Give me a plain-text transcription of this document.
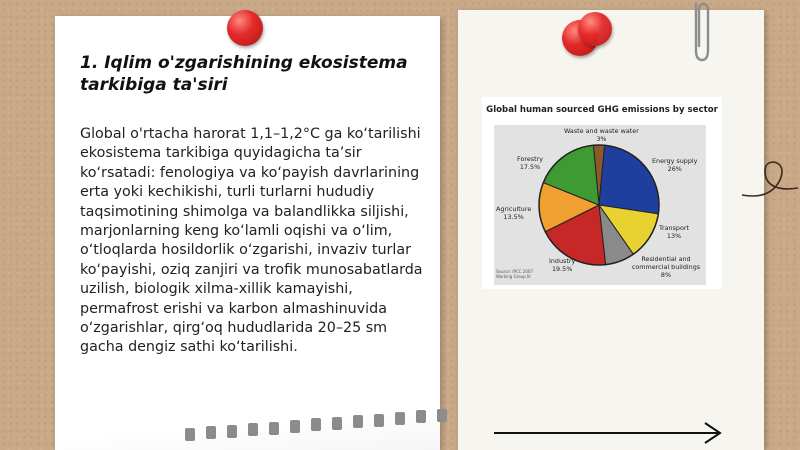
1. Iqlim o'zgarishining ekosistema tarkibiga ta'siri
Global o'rtacha harorat 1,1–1,2°C ga ko‘tarilishi ekosistema tarkibiga quyidagicha ta’sir ko‘rsatadi: fenologiya va ko‘payish davrlarining erta yoki kechikishi, turli turlarni hududiy taqsimotining shimolga va balandlikka siljishi, marjonlarning keng ko‘lamli oqishi va o‘lim, o‘tloqlarda hosildorlik o‘zgarishi, invaziv turlar ko‘payishi, oziq zanjiri va trofik munosabatlarda uzilish, biologik xilma-xillik kamayishi, permafrost erishi va karbon almashinuvida o‘zgarishlar, qirg‘oq hududlarida 20–25 sm gacha dengiz sathi ko‘tarilishi.
Global human sourced GHG emissions by sector
Waste and waste water
3%
Energy supply
26%
Transport
13%
Residential and commercial buildings
8%
Industry
19.5%
Agriculture
13.5%
Forestry
17.5%
Source: IPCC 2007 Working Group III
